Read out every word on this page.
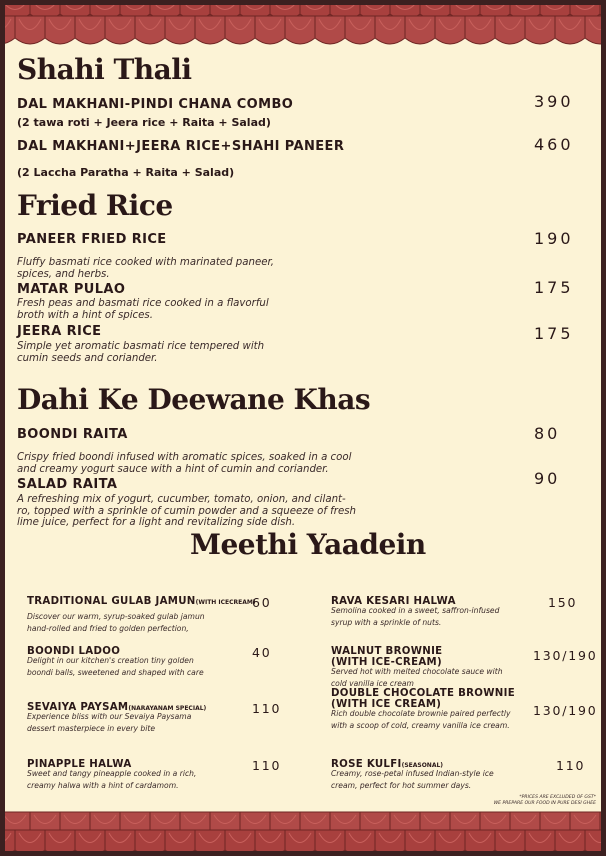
Shahi Thali
DAL MAKHANI-PINDI CHANA COMBO
(2 tawa roti + Jeera rice + Raita + Salad)
390
DAL MAKHANI+JEERA RICE+SHAHI PANEER
(2 Laccha Paratha + Raita + Salad)
460
Fried Rice
PANEER FRIED RICE
Fluffy basmati rice cooked with marinated paneer, spices, and herbs.
190
MATAR PULAO
Fresh peas and basmati rice cooked in a flavorful broth with a hint of spices.
175
JEERA RICE
Simple yet aromatic basmati rice tempered with cumin seeds and coriander.
175
Dahi Ke Deewane Khas
BOONDI RAITA
Crispy fried boondi infused with aromatic spices, soaked in a cool and creamy yogurt sauce with a hint of cumin and coriander.
80
SALAD RAITA
A refreshing mix of yogurt, cucumber, tomato, onion, and cilant-ro, topped with a sprinkle of cumin powder and a squeeze of fresh lime juice, perfect for a light and revitalizing side dish.
90
Meethi Yaadein
TRADITIONAL GULAB JAMUN(WITH ICECREAM)
Discover our warm, syrup-soaked gulab jamun hand-rolled and fried to golden perfection,
60
BOONDI LADOO
Delight in our kitchen's creation tiny golden boondi balls, sweetened and shaped with care
40
SEVAIYA PAYSAM(NARAYANAM SPECIAL)
Experience bliss with our Sevaiya Paysama dessert masterpiece in every bite
110
PINAPPLE HALWA
Sweet and tangy pineapple cooked in a rich, creamy halwa with a hint of cardamom.
110
RAVA KESARI HALWA
Semolina cooked in a sweet, saffron-infused syrup with a sprinkle of nuts.
150
WALNUT BROWNIE
(WITH ICE-CREAM)
Served hot with melted chocolate sauce with cold vanilla ice cream
130/190
DOUBLE CHOCOLATE BROWNIE
(WITH ICE CREAM)
Rich double chocolate brownie paired perfectly with a scoop of cold, creamy vanilla ice cream.
130/190
ROSE KULFI(SEASONAL)
Creamy, rose-petal infused Indian-style ice cream, perfect for hot summer days.
110
*PRICES ARE EXCLUDED OF GST*
WE PREPARE OUR FOOD IN PURE DESI GHEE
